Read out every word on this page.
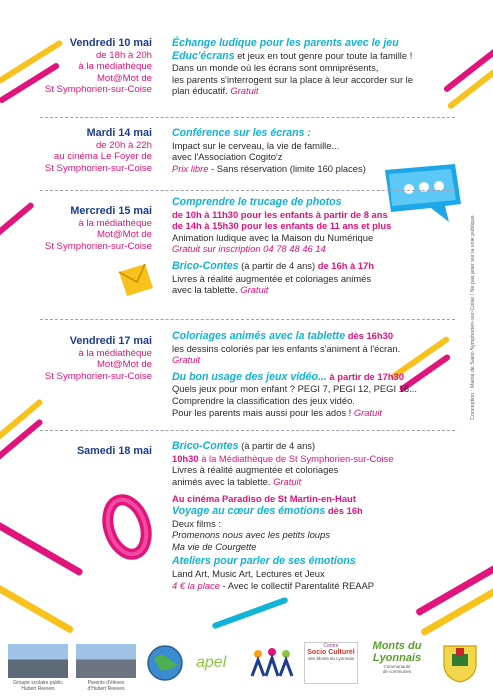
Vendredi 10 mai
de 18h à 20h
à la médiathèque
Mot@Mot de
St Symphorien-sur-Coise
Échange ludique pour les parents avec le jeu
Educ'écrans et jeux en tout genre pour toute la famille !
Dans un monde où les écrans sont omniprésents,
les parents s'interrogent sur la place à leur accorder sur le
plan éducatif. Gratuit
Mardi 14 mai
de 20h à 22h
au cinéma Le Foyer de
St Symphorien-sur-Coise
Conférence sur les écrans :
Impact sur le cerveau, la vie de famille...
avec l'Association Cogito'z
Prix libre - Sans réservation (limite 160 places)
Mercredi 15 mai
à la médiathèque
Mot@Mot de
St Symphorien-sur-Coise
Comprendre le trucage de photos
de 10h à 11h30 pour les enfants à partir de 8 ans
de 14h à 15h30 pour les enfants de 11 ans et plus
Animation ludique avec la Maison du Numérique
Gratuit sur inscription 04 78 48 46 14
Brico-Contes (à partir de 4 ans) de 16h à 17h
Livres à réalité augmentée et coloriages animés
avec la tablette. Gratuit
Vendredi 17 mai
à la médiathèque
Mot@Mot de
St Symphorien-sur-Coise
Coloriages animés avec la tablette dès 16h30
les dessins coloriés par les enfants s'animent à l'écran.
Gratuit
Du bon usage des jeux vidéo... à partir de 17h30
Quels jeux pour mon enfant ? PEGI 7, PEGI 12, PEGI 16...
Comprendre la classification des jeux vidéo.
Pour les parents mais aussi pour les ados ! Gratuit
Samedi 18 mai Brico-Contes (à partir de 4 ans)
10h30 à la Médiathèque de St Symphorien-sur-Coise
Livres à réalité augmentée et coloriages
animés avec la tablette. Gratuit
Au cinéma Paradiso de St Martin-en-Haut
Voyage au cœur des émotions dès 16h
Deux films :
Promenons nous avec les petits loups
Ma vie de Courgette
Ateliers pour parler de ses émotions
Land Art, Music Art, Lectures et Jeux
4 € la place - Avec le collectif Parentalité REAAP
Conception : Mairie de Saint-Symphorien-sur-Coise / Ne pas jeter sur la voie publique.
Groupe scolaire public
Hubert Reeves
Parents d'élèves
d'Hubert Reeves
apel
Centre
Socio Culturel
des Monts du Lyonnais
Monts du
Lyonnais
Communauté
de communes
